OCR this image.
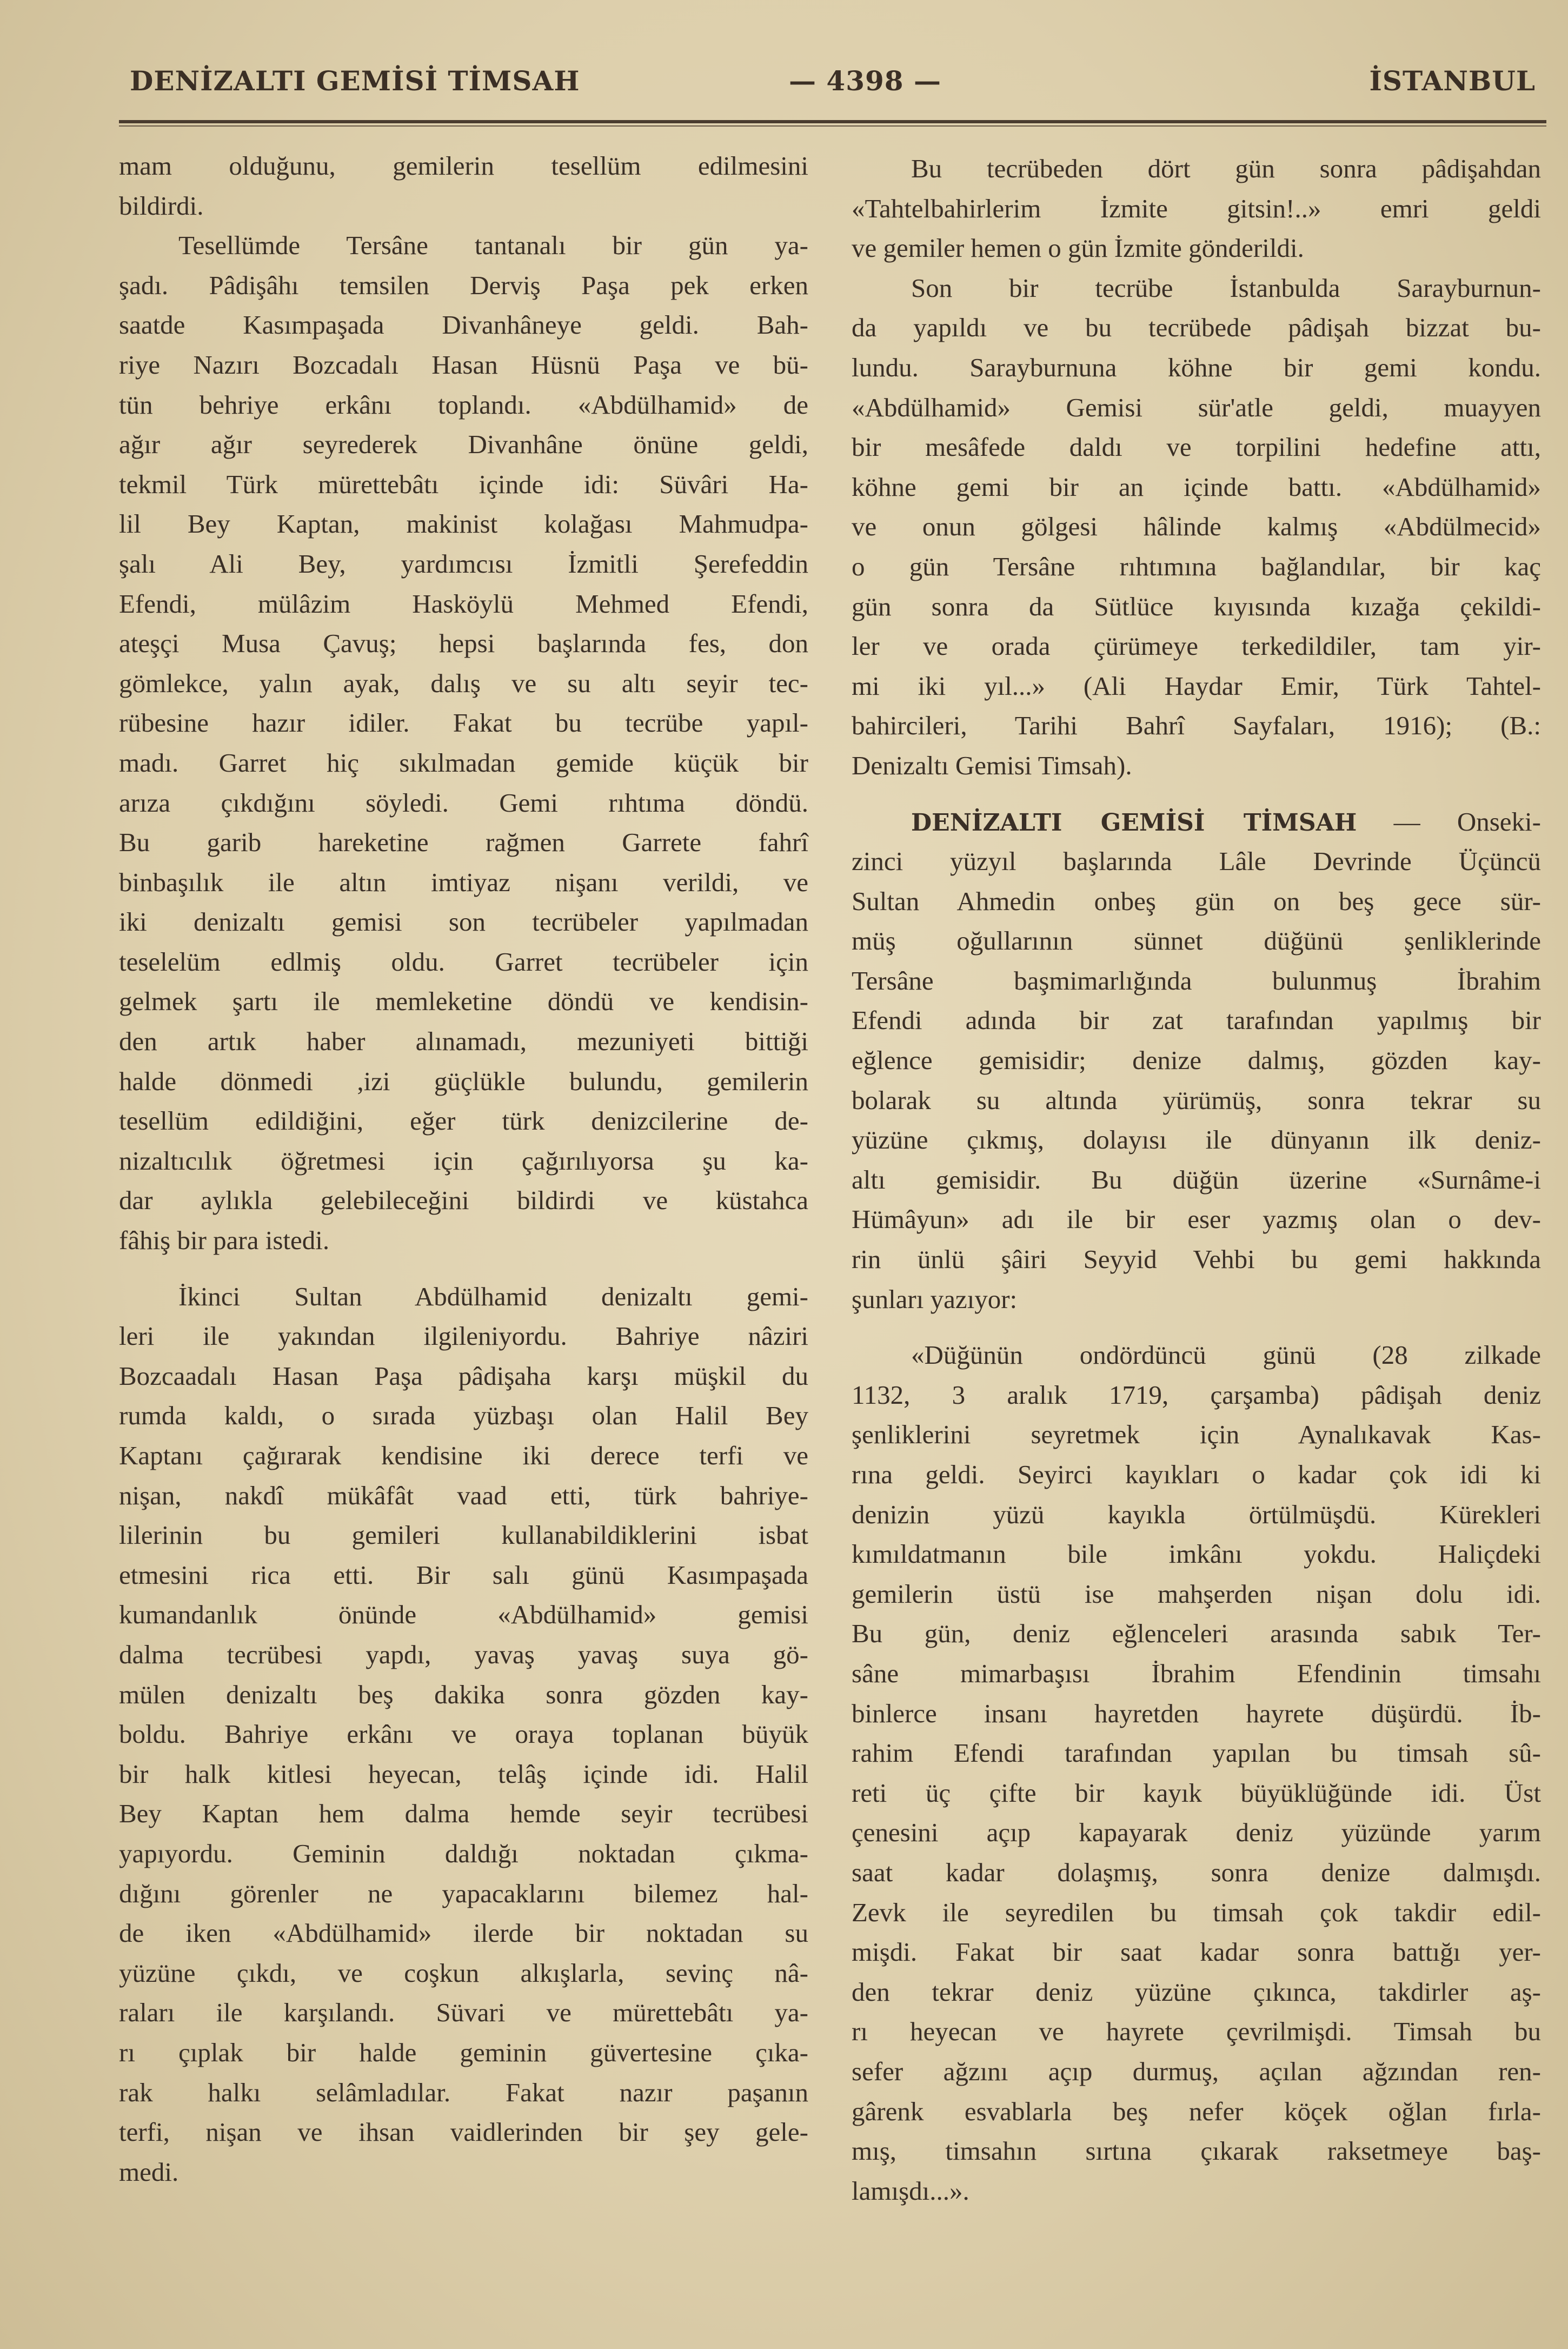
DENİZALTI GEMİSİ TİMSAH	— 4398 —	İSTANBUL
mam olduğunu, gemilerin tesellüm edilmesini
bildirdi.
Tesellümde Tersâne tantanalı bir gün ya-
şadı. Pâdişâhı temsilen Derviş Paşa pek erken
saatde Kasımpaşada Divanhâneye geldi. Bah-
riye Nazırı Bozcadalı Hasan Hüsnü Paşa ve bü-
tün behriye erkânı toplandı. «Abdülhamid» de
ağır ağır seyrederek Divanhâne önüne geldi,
tekmil Türk mürettebâtı içinde idi: Süvâri Ha-
lil Bey Kaptan, makinist kolağası Mahmudpa-
şalı Ali Bey, yardımcısı İzmitli Şerefeddin
Efendi, mülâzim Hasköylü Mehmed Efendi,
ateşçi Musa Çavuş; hepsi başlarında fes, don
gömlekce, yalın ayak, dalış ve su altı seyir tec-
rübesine hazır idiler. Fakat bu tecrübe yapıl-
madı. Garret hiç sıkılmadan gemide küçük bir
arıza çıkdığını söyledi. Gemi rıhtıma döndü.
Bu garib hareketine rağmen Garrete fahrî
binbaşılık ile altın imtiyaz nişanı verildi, ve
iki denizaltı gemisi son tecrübeler yapılmadan
teselelüm edlmiş oldu. Garret tecrübeler için
gelmek şartı ile memleketine döndü ve kendisin-
den artık haber alınamadı, mezuniyeti bittiği
halde dönmedi ,izi güçlükle bulundu, gemilerin
tesellüm edildiğini, eğer türk denizcilerine de-
nizaltıcılık öğretmesi için çağırılıyorsa şu ka-
dar aylıkla gelebileceğini bildirdi ve küstahca
fâhiş bir para istedi.
İkinci Sultan Abdülhamid denizaltı gemi-
leri ile yakından ilgileniyordu. Bahriye nâziri
Bozcaadalı Hasan Paşa pâdişaha karşı müşkil du
rumda kaldı, o sırada yüzbaşı olan Halil Bey
Kaptanı çağırarak kendisine iki derece terfi ve
nişan, nakdî mükâfât vaad etti, türk bahriye-
lilerinin bu gemileri kullanabildiklerini isbat
etmesini rica etti. Bir salı günü Kasımpaşada
kumandanlık önünde «Abdülhamid» gemisi
dalma tecrübesi yapdı, yavaş yavaş suya gö-
mülen denizaltı beş dakika sonra gözden kay-
boldu. Bahriye erkânı ve oraya toplanan büyük
bir halk kitlesi heyecan, telâş içinde idi. Halil
Bey Kaptan hem dalma hemde seyir tecrübesi
yapıyordu. Geminin daldığı noktadan çıkma-
dığını görenler ne yapacaklarını bilemez hal-
de iken «Abdülhamid» ilerde bir noktadan su
yüzüne çıkdı, ve coşkun alkışlarla, sevinç nâ-
raları ile karşılandı. Süvari ve mürettebâtı ya-
rı çıplak bir halde geminin güvertesine çıka-
rak halkı selâmladılar. Fakat nazır paşanın
terfi, nişan ve ihsan vaidlerinden bir şey gele-
medi.
Bu tecrübeden dört gün sonra pâdişahdan
«Tahtelbahirlerim İzmite gitsin!..» emri geldi
ve gemiler hemen o gün İzmite gönderildi.
Son bir tecrübe İstanbulda Sarayburnun-
da yapıldı ve bu tecrübede pâdişah bizzat bu-
lundu. Sarayburnuna köhne bir gemi kondu.
«Abdülhamid» Gemisi sür'atle geldi, muayyen
bir mesâfede daldı ve torpilini hedefine attı,
köhne gemi bir an içinde battı. «Abdülhamid»
ve onun gölgesi hâlinde kalmış «Abdülmecid»
o gün Tersâne rıhtımına bağlandılar, bir kaç
gün sonra da Sütlüce kıyısında kızağa çekildi-
ler ve orada çürümeye terkedildiler, tam yir-
mi iki yıl...» (Ali Haydar Emir, Türk Tahtel-
bahircileri, Tarihi Bahrî Sayfaları, 1916); (B.:
Denizaltı Gemisi Timsah).
DENİZALTI GEMİSİ TİMSAH — Onseki-
zinci yüzyıl başlarında Lâle Devrinde Üçüncü
Sultan Ahmedin onbeş gün on beş gece sür-
müş oğullarının sünnet düğünü şenliklerinde
Tersâne başmimarlığında bulunmuş İbrahim
Efendi adında bir zat tarafından yapılmış bir
eğlence gemisidir; denize dalmış, gözden kay-
bolarak su altında yürümüş, sonra tekrar su
yüzüne çıkmış, dolayısı ile dünyanın ilk deniz-
altı gemisidir. Bu düğün üzerine «Surnâme-i
Hümâyun» adı ile bir eser yazmış olan o dev-
rin ünlü şâiri Seyyid Vehbi bu gemi hakkında
şunları yazıyor:
«Düğünün ondördüncü günü (28 zilkade
1132, 3 aralık 1719, çarşamba) pâdişah deniz
şenliklerini seyretmek için Aynalıkavak Kas-
rına geldi. Seyirci kayıkları o kadar çok idi ki
denizin yüzü kayıkla örtülmüşdü. Kürekleri
kımıldatmanın bile imkânı yokdu. Haliçdeki
gemilerin üstü ise mahşerden nişan dolu idi.
Bu gün, deniz eğlenceleri arasında sabık Ter-
sâne mimarbaşısı İbrahim Efendinin timsahı
binlerce insanı hayretden hayrete düşürdü. İb-
rahim Efendi tarafından yapılan bu timsah sû-
reti üç çifte bir kayık büyüklüğünde idi. Üst
çenesini açıp kapayarak deniz yüzünde yarım
saat kadar dolaşmış, sonra denize dalmışdı.
Zevk ile seyredilen bu timsah çok takdir edil-
mişdi. Fakat bir saat kadar sonra battığı yer-
den tekrar deniz yüzüne çıkınca, takdirler aş-
rı heyecan ve hayrete çevrilmişdi. Timsah bu
sefer ağzını açıp durmuş, açılan ağzından ren-
gârenk esvablarla beş nefer köçek oğlan fırla-
mış, timsahın sırtına çıkarak raksetmeye baş-
lamışdı...».
